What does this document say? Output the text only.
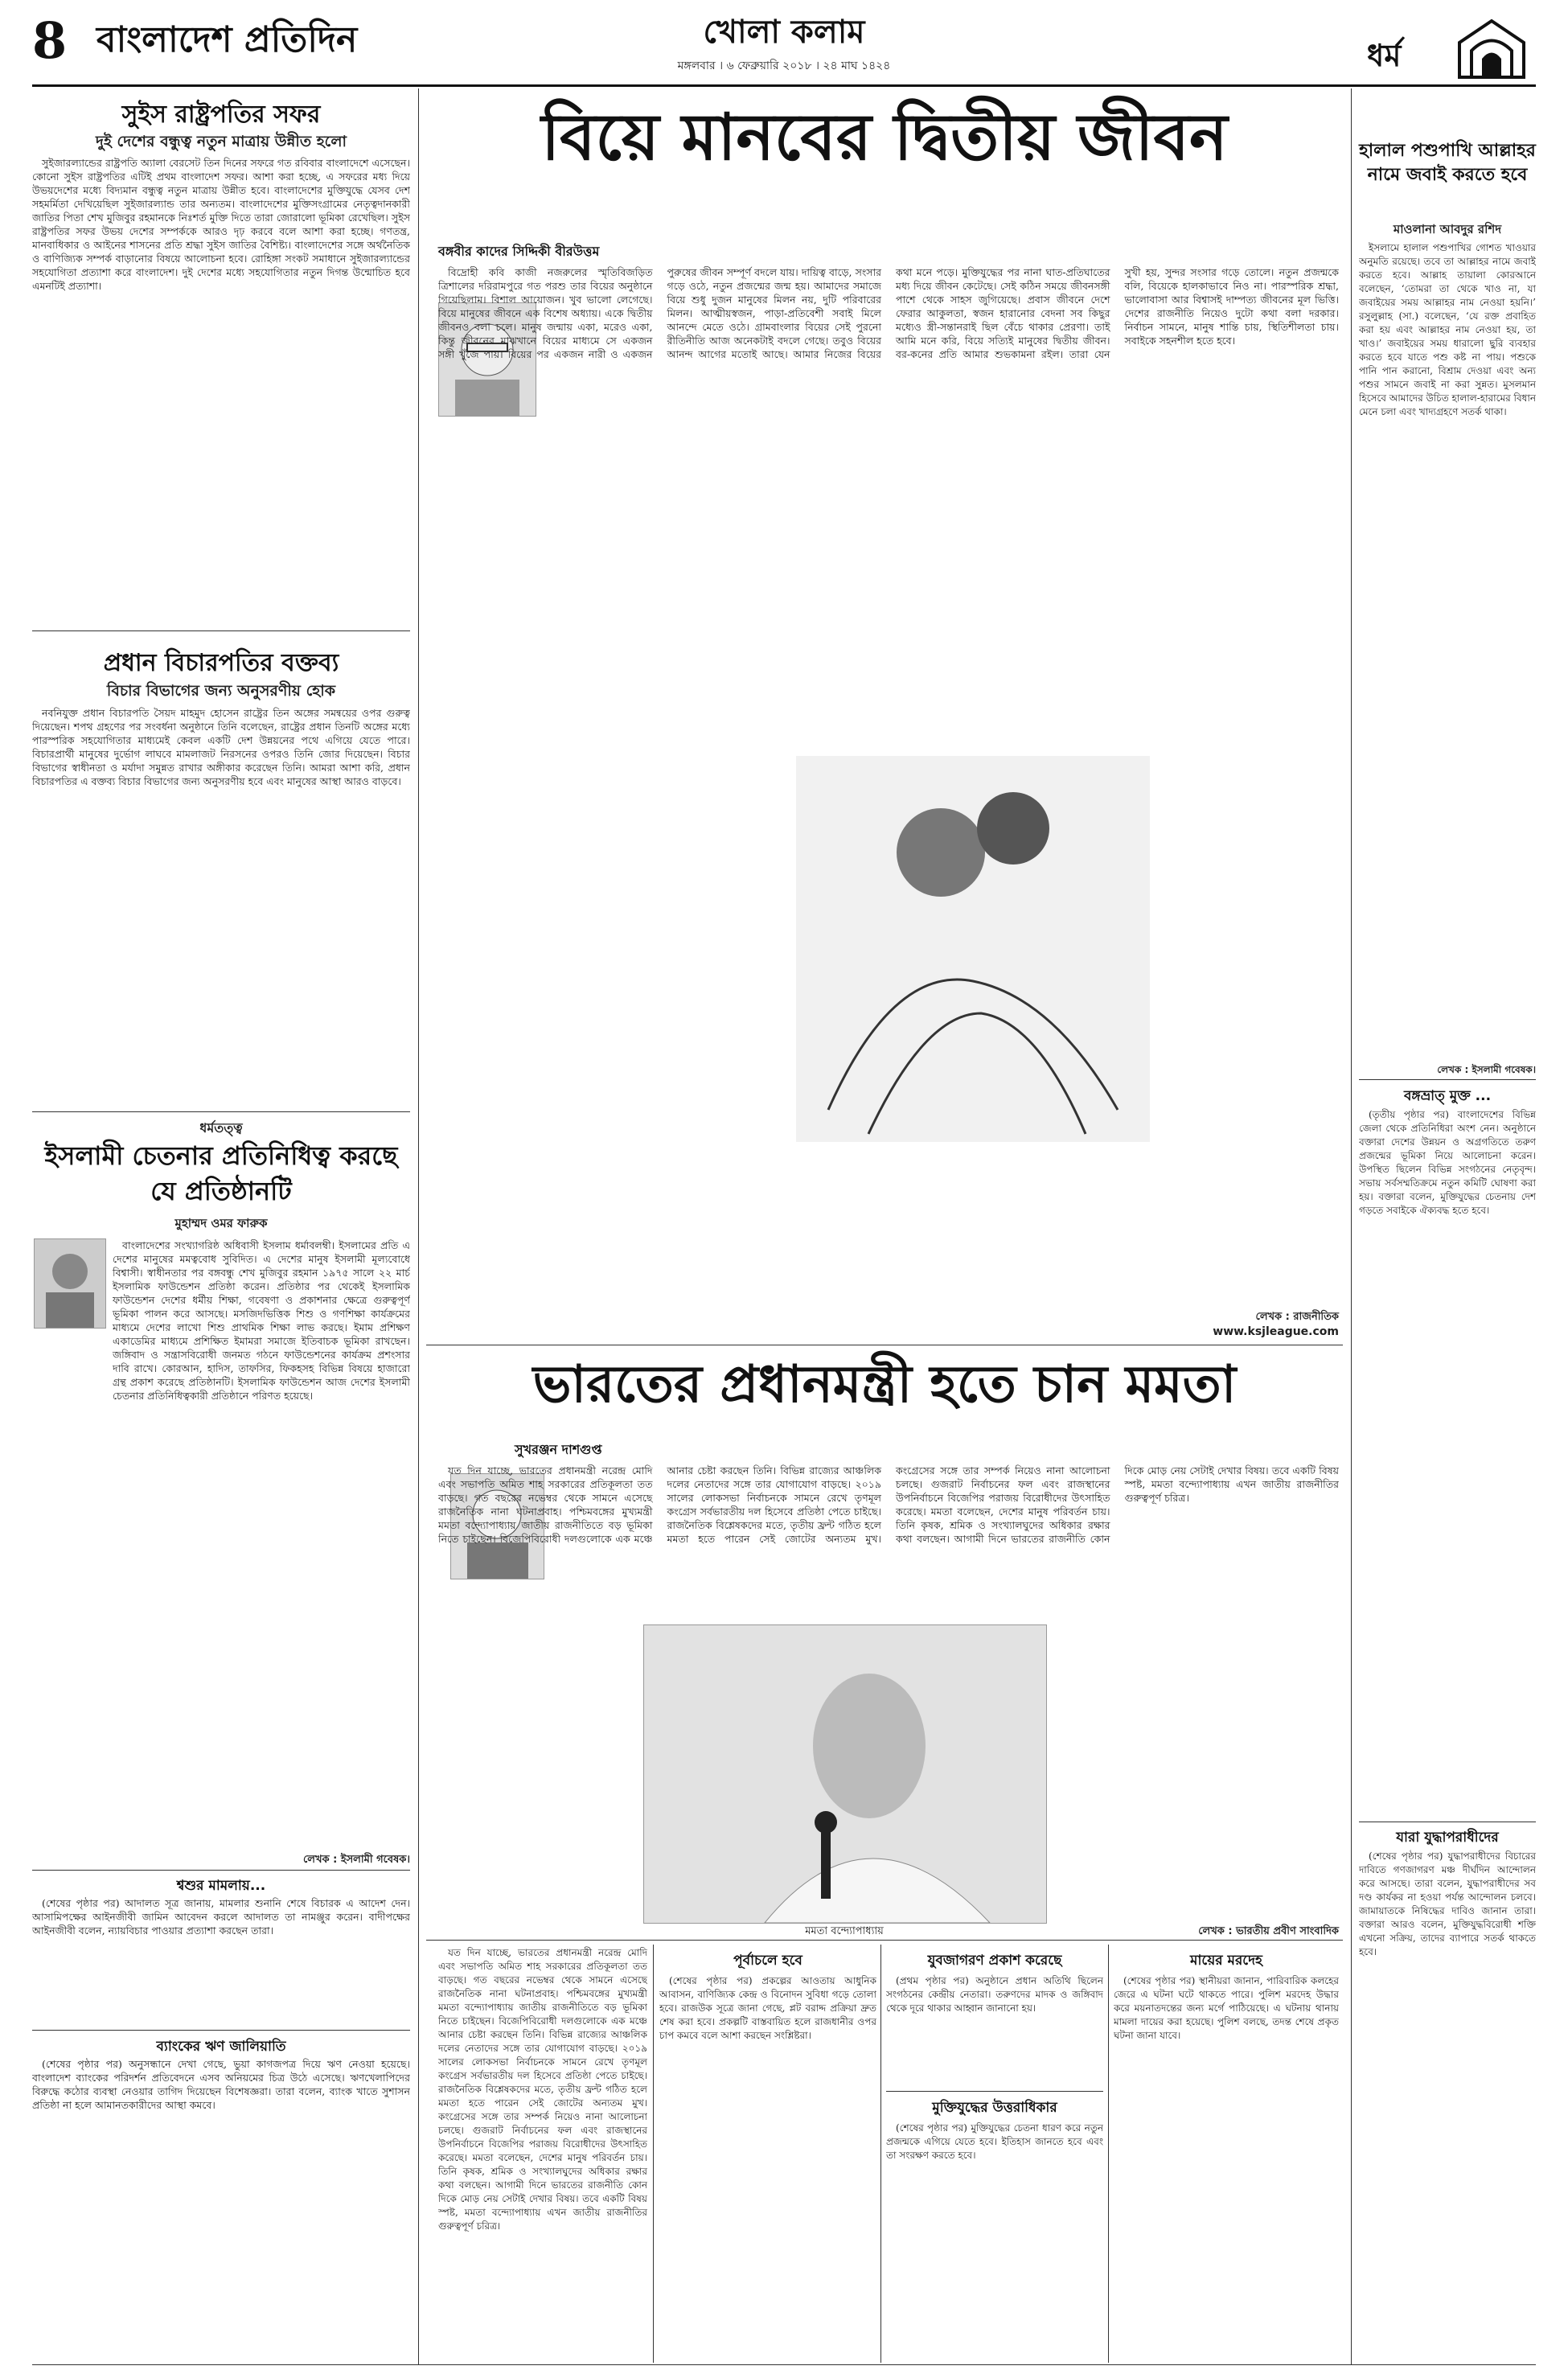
8 বাংলাদেশ প্রতিদিন	খোলা কলাম
মঙ্গলবার । ৬ ফেব্রুয়ারি ২০১৮ । ২৪ মাঘ ১৪২৪	ধর্ম
সুইস রাষ্ট্রপতির সফর
দুই দেশের বন্ধুত্ব নতুন মাত্রায় উন্নীত হলো

সুইজারল্যান্ডের রাষ্ট্রপতি অ্যালা বেরসেট তিন দিনের সফরে গত রবিবার বাংলাদেশে এসেছেন। কোনো সুইস রাষ্ট্রপতির এটিই প্রথম বাংলাদেশ সফর। আশা করা হচ্ছে, এ সফরের মধ্য দিয়ে উভয়দেশের মধ্যে বিদ্যমান বন্ধুত্ব নতুন মাত্রায় উন্নীত হবে। বাংলাদেশের মুক্তিযুদ্ধে যেসব দেশ সহমর্মিতা দেখিয়েছিল সুইজারল্যান্ড তার অন্যতম। বাংলাদেশের মুক্তিসংগ্রামের নেতৃত্বদানকারী জাতির পিতা শেখ মুজিবুর রহমানকে নিঃশর্ত মুক্তি দিতে তারা জোরালো ভূমিকা রেখেছিল। সুইস রাষ্ট্রপতির সফর উভয় দেশের সম্পর্ককে আরও দৃঢ় করবে বলে আশা করা হচ্ছে। গণতন্ত্র, মানবাধিকার ও আইনের শাসনের প্রতি শ্রদ্ধা সুইস জাতির বৈশিষ্ট্য। বাংলাদেশের সঙ্গে অর্থনৈতিক ও বাণিজ্যিক সম্পর্ক বাড়ানোর বিষয়ে আলোচনা হবে। রোহিঙ্গা সংকট সমাধানে সুইজারল্যান্ডের সহযোগিতা প্রত্যাশা করে বাংলাদেশ। দুই দেশের মধ্যে সহযোগিতার নতুন দিগন্ত উন্মোচিত হবে এমনটিই প্রত্যাশা।

প্রধান বিচারপতির বক্তব্য
বিচার বিভাগের জন্য অনুসরণীয় হোক

নবনিযুক্ত প্রধান বিচারপতি সৈয়দ মাহমুদ হোসেন রাষ্ট্রের তিন অঙ্গের সমন্বয়ের ওপর গুরুত্ব দিয়েছেন। শপথ গ্রহণের পর সংবর্ধনা অনুষ্ঠানে তিনি বলেছেন, রাষ্ট্রের প্রধান তিনটি অঙ্গের মধ্যে পারস্পরিক সহযোগিতার মাধ্যমেই কেবল একটি দেশ উন্নয়নের পথে এগিয়ে যেতে পারে। বিচারপ্রার্থী মানুষের দুর্ভোগ লাঘবে মামলাজট নিরসনের ওপরও তিনি জোর দিয়েছেন। বিচার বিভাগের স্বাধীনতা ও মর্যাদা সমুন্নত রাখার অঙ্গীকার করেছেন তিনি। আমরা আশা করি, প্রধান বিচারপতির এ বক্তব্য বিচার বিভাগের জন্য অনুসরণীয় হবে এবং মানুষের আস্থা আরও বাড়বে।

ধর্মতত্ত্ব
ইসলামী চেতনার প্রতিনিধিত্ব করছে যে প্রতিষ্ঠানটি
মুহাম্মদ ওমর ফারুক

বাংলাদেশের সংখ্যাগরিষ্ঠ অধিবাসী ইসলাম ধর্মাবলম্বী। ইসলামের প্রতি এ দেশের মানুষের মমত্ববোধ সুবিদিত। এ দেশের মানুষ ইসলামী মূল্যবোধে বিশ্বাসী। স্বাধীনতার পর বঙ্গবন্ধু শেখ মুজিবুর রহমান ১৯৭৫ সালে ২২ মার্চ ইসলামিক ফাউন্ডেশন প্রতিষ্ঠা করেন। প্রতিষ্ঠার পর থেকেই ইসলামিক ফাউন্ডেশন দেশের ধর্মীয় শিক্ষা, গবেষণা ও প্রকাশনার ক্ষেত্রে গুরুত্বপূর্ণ ভূমিকা পালন করে আসছে। মসজিদভিত্তিক শিশু ও গণশিক্ষা কার্যক্রমের মাধ্যমে দেশের লাখো শিশু প্রাথমিক শিক্ষা লাভ করছে। ইমাম প্রশিক্ষণ একাডেমির মাধ্যমে প্রশিক্ষিত ইমামরা সমাজে ইতিবাচক ভূমিকা রাখছেন। জঙ্গিবাদ ও সন্ত্রাসবিরোধী জনমত গঠনে ফাউন্ডেশনের কার্যক্রম প্রশংসার দাবি রাখে। কোরআন, হাদিস, তাফসির, ফিকহসহ বিভিন্ন বিষয়ে হাজারো গ্রন্থ প্রকাশ করেছে প্রতিষ্ঠানটি। ইসলামিক ফাউন্ডেশন আজ দেশের ইসলামী চেতনার প্রতিনিধিত্বকারী প্রতিষ্ঠানে পরিণত হয়েছে।

লেখক : ইসলামী গবেষক।
শ্বশুর মামলায়...

(শেষের পৃষ্ঠার পর) আদালত সূত্র জানায়, মামলার শুনানি শেষে বিচারক এ আদেশ দেন। আসামিপক্ষের আইনজীবী জামিন আবেদন করলে আদালত তা নামঞ্জুর করেন। বাদীপক্ষের আইনজীবী বলেন, ন্যায়বিচার পাওয়ার প্রত্যাশা করছেন তারা।

ব্যাংকের ঋণ জালিয়াতি

(শেষের পৃষ্ঠার পর) অনুসন্ধানে দেখা গেছে, ভুয়া কাগজপত্র দিয়ে ঋণ নেওয়া হয়েছে। বাংলাদেশ ব্যাংকের পরিদর্শন প্রতিবেদনে এসব অনিয়মের চিত্র উঠে এসেছে। ঋণখেলাপিদের বিরুদ্ধে কঠোর ব্যবস্থা নেওয়ার তাগিদ দিয়েছেন বিশেষজ্ঞরা। তারা বলেন, ব্যাংক খাতে সুশাসন প্রতিষ্ঠা না হলে আমানতকারীদের আস্থা কমবে।

বিয়ে মানবের দ্বিতীয় জীবন
বঙ্গবীর কাদের সিদ্দিকী বীরউত্তম

বিদ্রোহী কবি কাজী নজরুলের স্মৃতিবিজড়িত ত্রিশালের দরিরামপুরে গত পরশু তার বিয়ের অনুষ্ঠানে গিয়েছিলাম। বিশাল আয়োজন। খুব ভালো লেগেছে। বিয়ে মানুষের জীবনে এক বিশেষ অধ্যায়। একে দ্বিতীয় জীবনও বলা চলে। মানুষ জন্মায় একা, মরেও একা, কিন্তু জীবনের মাঝখানে বিয়ের মাধ্যমে সে একজন সঙ্গী খুঁজে পায়। বিয়ের পর একজন নারী ও একজন পুরুষের জীবন সম্পূর্ণ বদলে যায়। দায়িত্ব বাড়ে, সংসার গড়ে ওঠে, নতুন প্রজন্মের জন্ম হয়। আমাদের সমাজে বিয়ে শুধু দুজন মানুষের মিলন নয়, দুটি পরিবারের মিলন। আত্মীয়স্বজন, পাড়া-প্রতিবেশী সবাই মিলে আনন্দে মেতে ওঠে। গ্রামবাংলার বিয়ের সেই পুরনো রীতিনীতি আজ অনেকটাই বদলে গেছে। তবুও বিয়ের আনন্দ আগের মতোই আছে। আমার নিজের বিয়ের কথা মনে পড়ে। মুক্তিযুদ্ধের পর নানা ঘাত-প্রতিঘাতের মধ্য দিয়ে জীবন কেটেছে। সেই কঠিন সময়ে জীবনসঙ্গী পাশে থেকে সাহস জুগিয়েছে। প্রবাস জীবনে দেশে ফেরার আকুলতা, স্বজন হারানোর বেদনা সব কিছুর মধ্যেও স্ত্রী-সন্তানরাই ছিল বেঁচে থাকার প্রেরণা। তাই আমি মনে করি, বিয়ে সত্যিই মানুষের দ্বিতীয় জীবন। বর-কনের প্রতি আমার শুভকামনা রইল। তারা যেন সুখী হয়, সুন্দর সংসার গড়ে তোলে। নতুন প্রজন্মকে বলি, বিয়েকে হালকাভাবে নিও না। পারস্পরিক শ্রদ্ধা, ভালোবাসা আর বিশ্বাসই দাম্পত্য জীবনের মূল ভিত্তি। দেশের রাজনীতি নিয়েও দুটো কথা বলা দরকার। নির্বাচন সামনে, মানুষ শান্তি চায়, স্থিতিশীলতা চায়। সবাইকে সহনশীল হতে হবে।

লেখক : রাজনীতিক
www.ksjleague.com
ভারতের প্রধানমন্ত্রী হতে চান মমতা
সুখরঞ্জন দাশগুপ্ত

যত দিন যাচ্ছে, ভারতের প্রধানমন্ত্রী নরেন্দ্র মোদি এবং সভাপতি অমিত শাহ সরকারের প্রতিকূলতা তত বাড়ছে। গত বছরের নভেম্বর থেকে সামনে এসেছে রাজনৈতিক নানা ঘটনাপ্রবাহ। পশ্চিমবঙ্গের মুখ্যমন্ত্রী মমতা বন্দ্যোপাধ্যায় জাতীয় রাজনীতিতে বড় ভূমিকা নিতে চাইছেন। বিজেপিবিরোধী দলগুলোকে এক মঞ্চে আনার চেষ্টা করছেন তিনি। বিভিন্ন রাজ্যের আঞ্চলিক দলের নেতাদের সঙ্গে তার যোগাযোগ বাড়ছে। ২০১৯ সালের লোকসভা নির্বাচনকে সামনে রেখে তৃণমূল কংগ্রেস সর্বভারতীয় দল হিসেবে প্রতিষ্ঠা পেতে চাইছে। রাজনৈতিক বিশ্লেষকদের মতে, তৃতীয় ফ্রন্ট গঠিত হলে মমতা হতে পারেন সেই জোটের অন্যতম মুখ। কংগ্রেসের সঙ্গে তার সম্পর্ক নিয়েও নানা আলোচনা চলছে। গুজরাট নির্বাচনের ফল এবং রাজস্থানের উপনির্বাচনে বিজেপির পরাজয় বিরোধীদের উৎসাহিত করেছে। মমতা বলেছেন, দেশের মানুষ পরিবর্তন চায়। তিনি কৃষক, শ্রমিক ও সংখ্যালঘুদের অধিকার রক্ষার কথা বলছেন। আগামী দিনে ভারতের রাজনীতি কোন দিকে মোড় নেয় সেটাই দেখার বিষয়। তবে একটি বিষয় স্পষ্ট, মমতা বন্দ্যোপাধ্যায় এখন জাতীয় রাজনীতির গুরুত্বপূর্ণ চরিত্র।

মমতা বন্দ্যোপাধ্যায়	লেখক : ভারতীয় প্রবীণ সাংবাদিক
পূর্বাচলে হবে

(শেষের পৃষ্ঠার পর) প্রকল্পের আওতায় আধুনিক আবাসন, বাণিজ্যিক কেন্দ্র ও বিনোদন সুবিধা গড়ে তোলা হবে। রাজউক সূত্রে জানা গেছে, প্লট বরাদ্দ প্রক্রিয়া দ্রুত শেষ করা হবে। প্রকল্পটি বাস্তবায়িত হলে রাজধানীর ওপর চাপ কমবে বলে আশা করছেন সংশ্লিষ্টরা।

যুবজাগরণ প্রকাশ করেছে

(প্রথম পৃষ্ঠার পর) অনুষ্ঠানে প্রধান অতিথি ছিলেন সংগঠনের কেন্দ্রীয় নেতারা। তরুণদের মাদক ও জঙ্গিবাদ থেকে দূরে থাকার আহ্বান জানানো হয়।

মুক্তিযুদ্ধের উত্তরাধিকার

(শেষের পৃষ্ঠার পর) মুক্তিযুদ্ধের চেতনা ধারণ করে নতুন প্রজন্মকে এগিয়ে যেতে হবে। ইতিহাস জানতে হবে এবং তা সংরক্ষণ করতে হবে।

মায়ের মরদেহ

(শেষের পৃষ্ঠার পর) স্থানীয়রা জানান, পারিবারিক কলহের জেরে এ ঘটনা ঘটে থাকতে পারে। পুলিশ মরদেহ উদ্ধার করে ময়নাতদন্তের জন্য মর্গে পাঠিয়েছে। এ ঘটনায় থানায় মামলা দায়ের করা হয়েছে। পুলিশ বলছে, তদন্ত শেষে প্রকৃত ঘটনা জানা যাবে।

যত দিন যাচ্ছে, ভারতের প্রধানমন্ত্রী নরেন্দ্র মোদি এবং সভাপতি অমিত শাহ সরকারের প্রতিকূলতা তত বাড়ছে। গত বছরের নভেম্বর থেকে সামনে এসেছে রাজনৈতিক নানা ঘটনাপ্রবাহ। পশ্চিমবঙ্গের মুখ্যমন্ত্রী মমতা বন্দ্যোপাধ্যায় জাতীয় রাজনীতিতে বড় ভূমিকা নিতে চাইছেন। বিজেপিবিরোধী দলগুলোকে এক মঞ্চে আনার চেষ্টা করছেন তিনি। বিভিন্ন রাজ্যের আঞ্চলিক দলের নেতাদের সঙ্গে তার যোগাযোগ বাড়ছে। ২০১৯ সালের লোকসভা নির্বাচনকে সামনে রেখে তৃণমূল কংগ্রেস সর্বভারতীয় দল হিসেবে প্রতিষ্ঠা পেতে চাইছে। রাজনৈতিক বিশ্লেষকদের মতে, তৃতীয় ফ্রন্ট গঠিত হলে মমতা হতে পারেন সেই জোটের অন্যতম মুখ। কংগ্রেসের সঙ্গে তার সম্পর্ক নিয়েও নানা আলোচনা চলছে। গুজরাট নির্বাচনের ফল এবং রাজস্থানের উপনির্বাচনে বিজেপির পরাজয় বিরোধীদের উৎসাহিত করেছে। মমতা বলেছেন, দেশের মানুষ পরিবর্তন চায়। তিনি কৃষক, শ্রমিক ও সংখ্যালঘুদের অধিকার রক্ষার কথা বলছেন। আগামী দিনে ভারতের রাজনীতি কোন দিকে মোড় নেয় সেটাই দেখার বিষয়। তবে একটি বিষয় স্পষ্ট, মমতা বন্দ্যোপাধ্যায় এখন জাতীয় রাজনীতির গুরুত্বপূর্ণ চরিত্র।

হালাল পশুপাখি আল্লাহর নামে জবাই করতে হবে
মাওলানা আবদুর রশিদ

ইসলামে হালাল পশুপাখির গোশত খাওয়ার অনুমতি রয়েছে। তবে তা আল্লাহর নামে জবাই করতে হবে। আল্লাহ তায়ালা কোরআনে বলেছেন, ‘তোমরা তা থেকে খাও না, যা জবাইয়ের সময় আল্লাহর নাম নেওয়া হয়নি।’ রসুলুল্লাহ (সা.) বলেছেন, ‘যে রক্ত প্রবাহিত করা হয় এবং আল্লাহর নাম নেওয়া হয়, তা খাও।’ জবাইয়ের সময় ধারালো ছুরি ব্যবহার করতে হবে যাতে পশু কষ্ট না পায়। পশুকে পানি পান করানো, বিশ্রাম দেওয়া এবং অন্য পশুর সামনে জবাই না করা সুন্নত। মুসলমান হিসেবে আমাদের উচিত হালাল-হারামের বিধান মেনে চলা এবং খাদ্যগ্রহণে সতর্ক থাকা।

লেখক : ইসলামী গবেষক।
বঙ্গভ্রাত্ মুক্ত ...

(তৃতীয় পৃষ্ঠার পর) বাংলাদেশের বিভিন্ন জেলা থেকে প্রতিনিধিরা অংশ নেন। অনুষ্ঠানে বক্তারা দেশের উন্নয়ন ও অগ্রগতিতে তরুণ প্রজন্মের ভূমিকা নিয়ে আলোচনা করেন। উপস্থিত ছিলেন বিভিন্ন সংগঠনের নেতৃবৃন্দ। সভায় সর্বসম্মতিক্রমে নতুন কমিটি ঘোষণা করা হয়। বক্তারা বলেন, মুক্তিযুদ্ধের চেতনায় দেশ গড়তে সবাইকে ঐক্যবদ্ধ হতে হবে।

যারা যুদ্ধাপরাধীদের

(শেষের পৃষ্ঠার পর) যুদ্ধাপরাধীদের বিচারের দাবিতে গণজাগরণ মঞ্চ দীর্ঘদিন আন্দোলন করে আসছে। তারা বলেন, যুদ্ধাপরাধীদের সব দণ্ড কার্যকর না হওয়া পর্যন্ত আন্দোলন চলবে। জামায়াতকে নিষিদ্ধের দাবিও জানান তারা। বক্তারা আরও বলেন, মুক্তিযুদ্ধবিরোধী শক্তি এখনো সক্রিয়, তাদের ব্যাপারে সতর্ক থাকতে হবে।
